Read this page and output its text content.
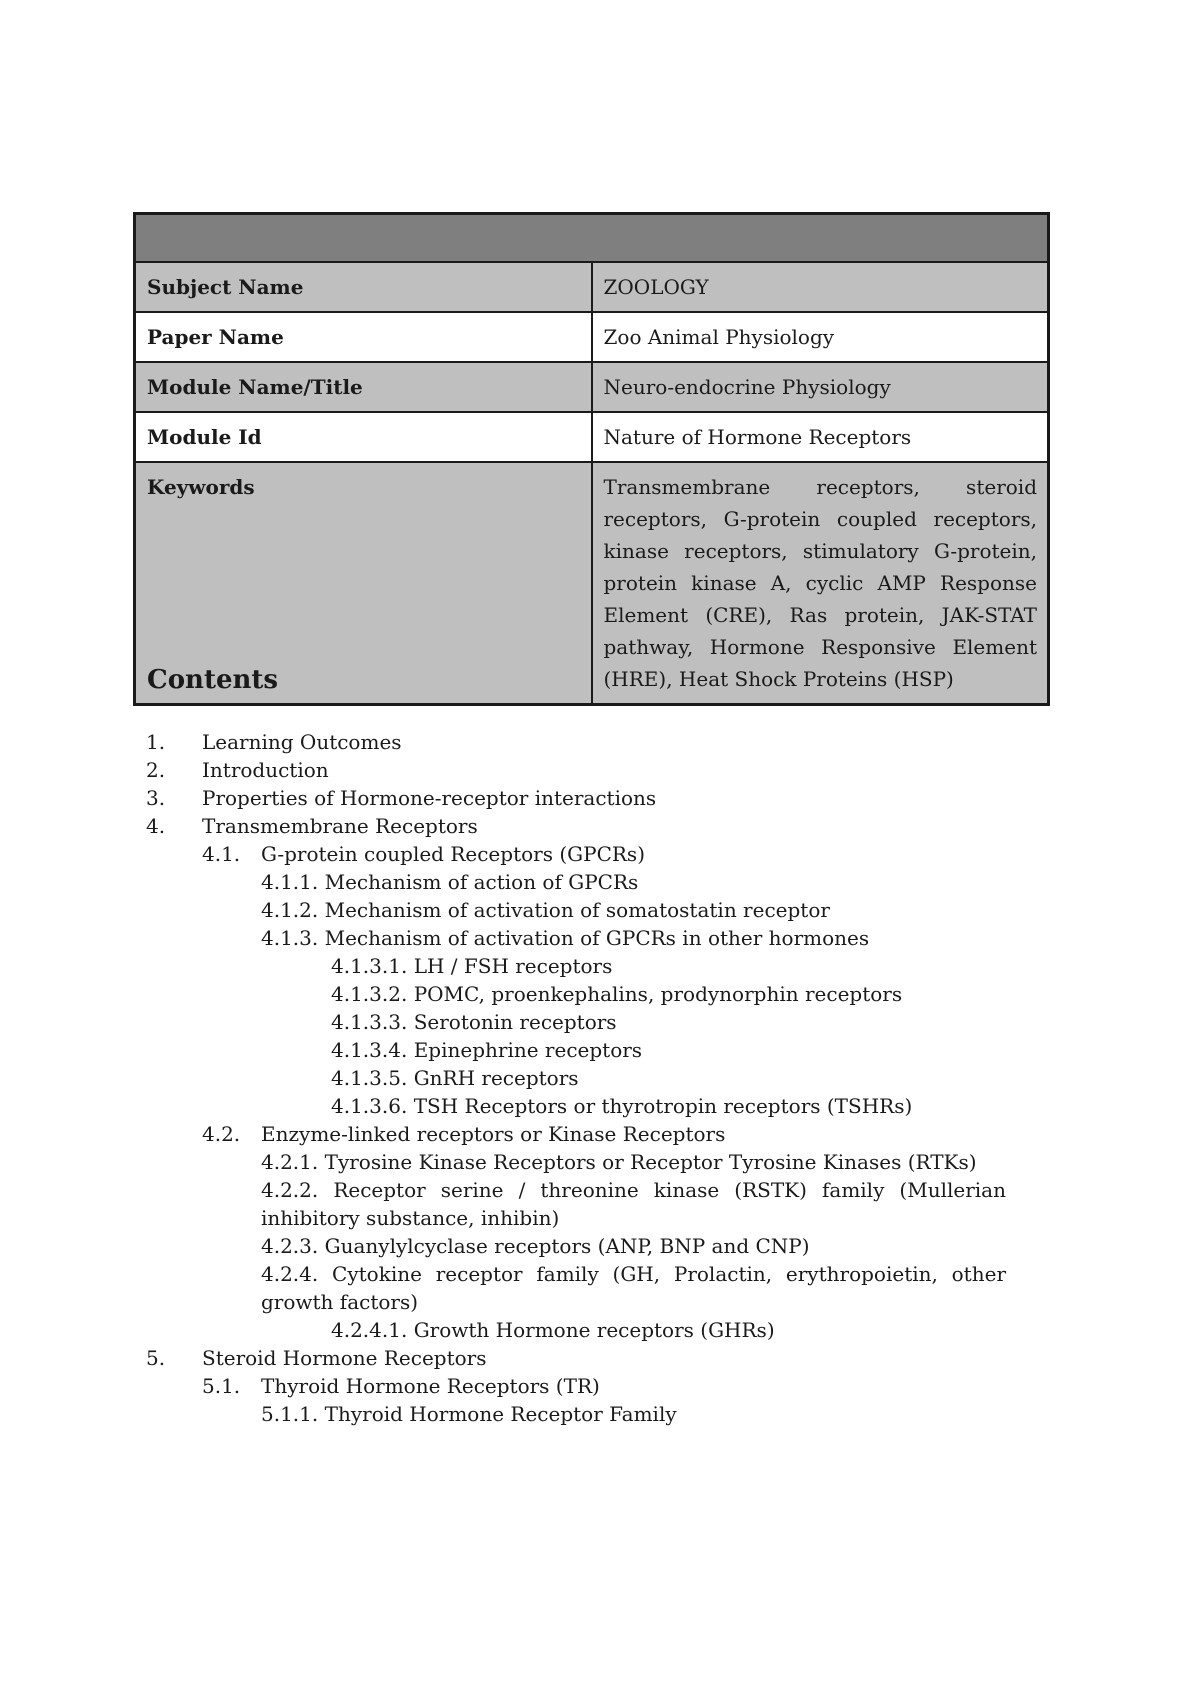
Subject Name	ZOOLOGY
Paper Name	Zoo Animal Physiology
Module Name/Title	Neuro-endocrine Physiology
Module Id	Nature of Hormone Receptors
Keywords	Transmembrane receptors, steroid receptors, G-protein coupled receptors, kinase receptors, stimulatory G-protein, protein kinase A, cyclic AMP Response Element (CRE), Ras protein, JAK-STAT pathway, Hormone Responsive Element (HRE), Heat Shock Proteins (HSP)
Contents
1. Learning Outcomes
2. Introduction
3. Properties of Hormone-receptor interactions
4. Transmembrane Receptors
4.1. G-protein coupled Receptors (GPCRs)
4.1.1. Mechanism of action of GPCRs
4.1.2. Mechanism of activation of somatostatin receptor
4.1.3. Mechanism of activation of GPCRs in other hormones
4.1.3.1. LH / FSH receptors
4.1.3.2. POMC, proenkephalins, prodynorphin receptors
4.1.3.3. Serotonin receptors
4.1.3.4. Epinephrine receptors
4.1.3.5. GnRH receptors
4.1.3.6. TSH Receptors or thyrotropin receptors (TSHRs)
4.2. Enzyme-linked receptors or Kinase Receptors
4.2.1. Tyrosine Kinase Receptors or Receptor Tyrosine Kinases (RTKs)
4.2.2. Receptor serine / threonine kinase (RSTK) family (Mullerian inhibitory substance, inhibin)
4.2.3. Guanylylcyclase receptors (ANP, BNP and CNP)
4.2.4. Cytokine receptor family (GH, Prolactin, erythropoietin, other growth factors)
4.2.4.1. Growth Hormone receptors (GHRs)
5. Steroid Hormone Receptors
5.1. Thyroid Hormone Receptors (TR)
5.1.1. Thyroid Hormone Receptor Family
